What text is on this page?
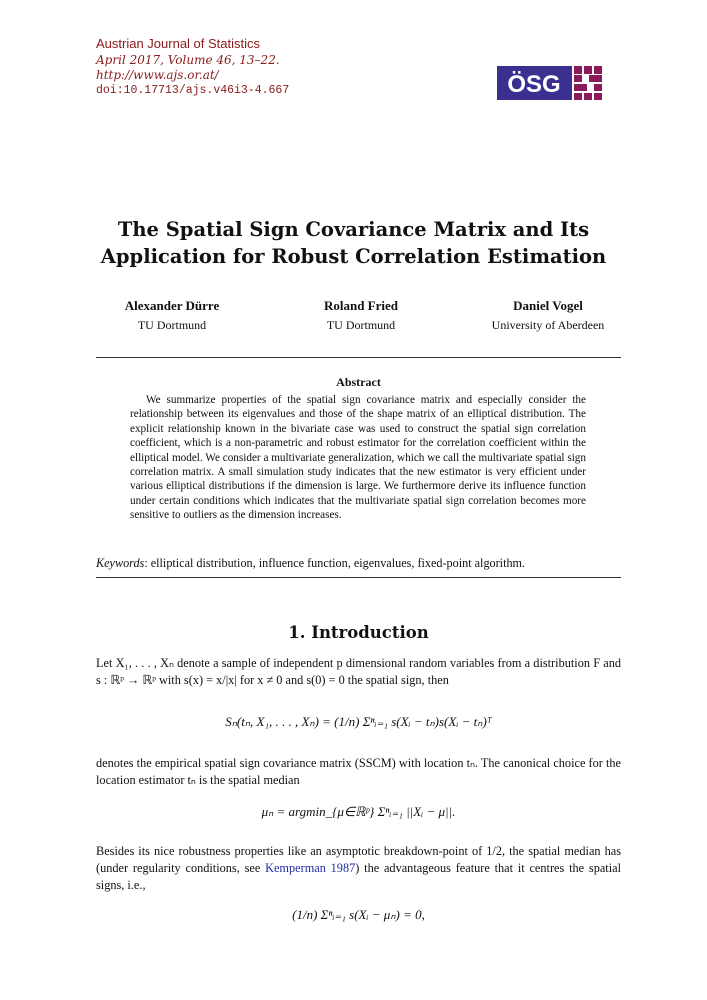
Austrian Journal of Statistics
April 2017, Volume 46, 13–22.
http://www.ajs.or.at/
doi:10.17713/ajs.v46i3-4.667	ÖSG
The Spatial Sign Covariance Matrix and Its
Application for Robust Correlation Estimation
Alexander Dürre
TU Dortmund
Roland Fried
TU Dortmund
Daniel Vogel
University of Aberdeen
Abstract
We summarize properties of the spatial sign covariance matrix and especially consider the relationship between its eigenvalues and those of the shape matrix of an elliptical distribution. The explicit relationship known in the bivariate case was used to construct the spatial sign correlation coefficient, which is a non-parametric and robust estimator for the correlation coefficient within the elliptical model. We consider a multivariate generalization, which we call the multivariate spatial sign correlation matrix. A small simulation study indicates that the new estimator is very efficient under various elliptical distributions if the dimension is large. We furthermore derive its influence function under certain conditions which indicates that the multivariate spatial sign correlation becomes more sensitive to outliers as the dimension increases.
Keywords: elliptical distribution, influence function, eigenvalues, fixed-point algorithm.
1. Introduction
Let X₁, . . . , Xₙ denote a sample of independent p dimensional random variables from a distribution F and s : ℝᵖ → ℝᵖ with s(x) = x/|x| for x ≠ 0 and s(0) = 0 the spatial sign, then
Sₙ(tₙ, X₁, . . . , Xₙ) = (1/n) Σⁿᵢ₌₁ s(Xᵢ − tₙ)s(Xᵢ − tₙ)ᵀ
denotes the empirical spatial sign covariance matrix (SSCM) with location tₙ. The canonical choice for the location estimator tₙ is the spatial median
μₙ = argmin_{μ∈ℝᵖ} Σⁿᵢ₌₁ ||Xᵢ − μ||.
Besides its nice robustness properties like an asymptotic breakdown-point of 1/2, the spatial median has (under regularity conditions, see Kemperman 1987) the advantageous feature that it centres the spatial signs, i.e.,
(1/n) Σⁿᵢ₌₁ s(Xᵢ − μₙ) = 0,
